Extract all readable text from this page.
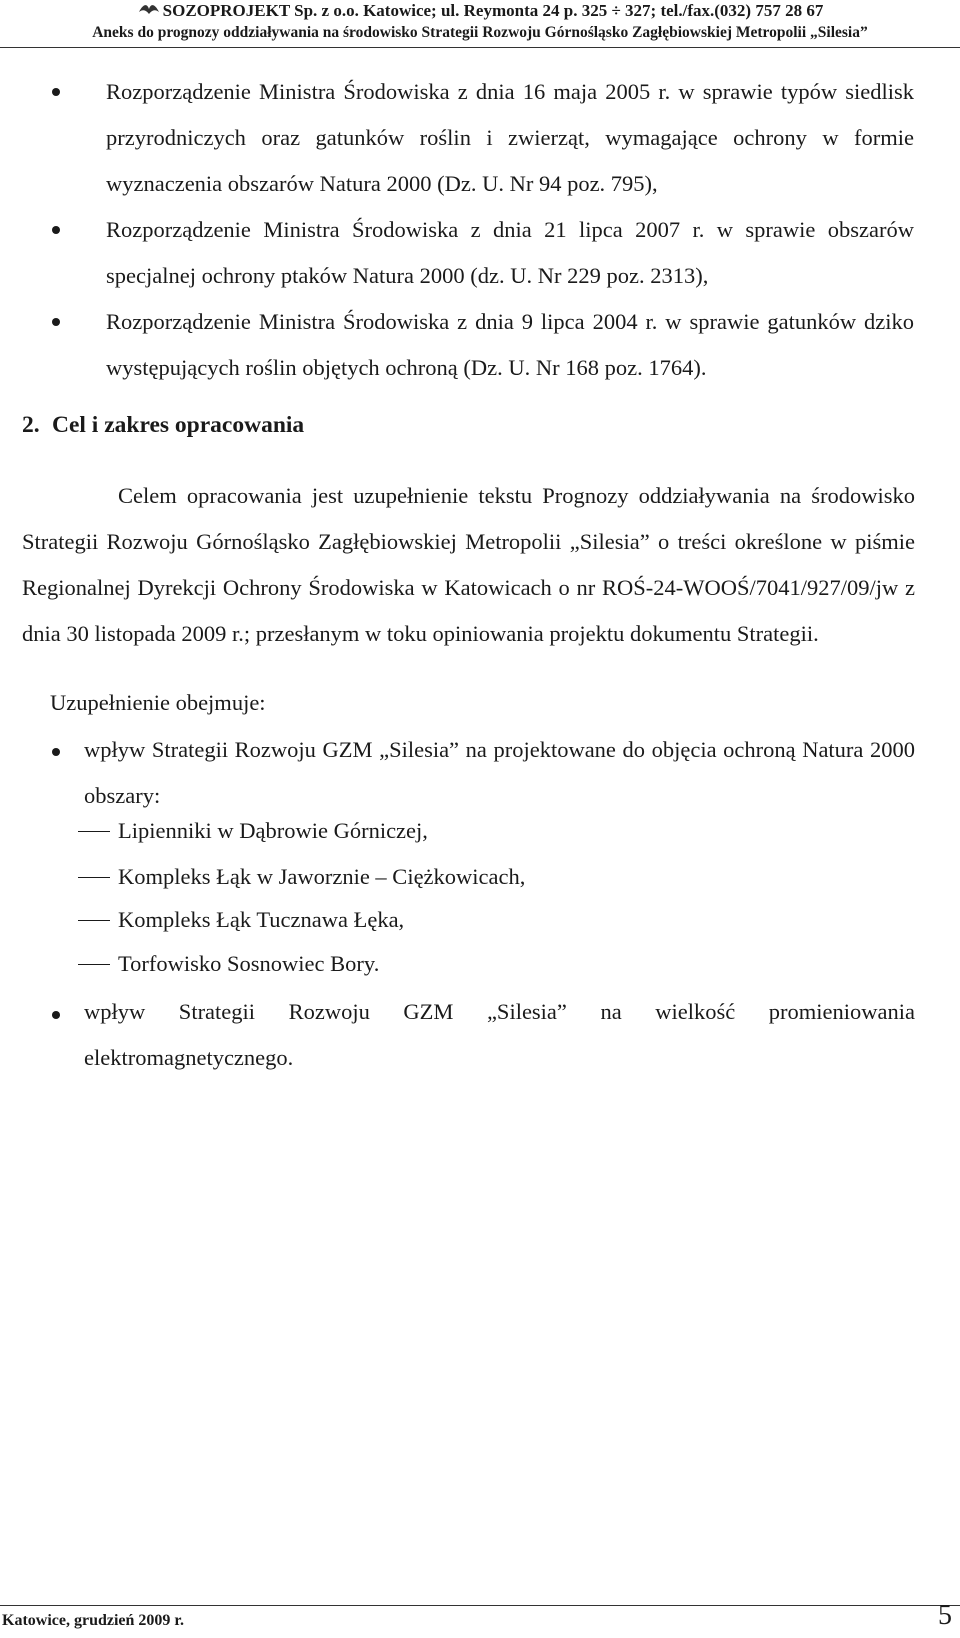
SOZOPROJEKT Sp. z o.o. Katowice; ul. Reymonta 24 p. 325 ÷ 327; tel./fax.(032) 757 28 67
Aneks do prognozy oddziaływania na środowisko Strategii Rozwoju Górnośląsko Zagłębiowskiej Metropolii „Silesia”
Rozporządzenie Ministra Środowiska z dnia 16 maja 2005 r. w sprawie typów siedlisk przyrodniczych oraz gatunków roślin i zwierząt, wymagające ochrony w formie wyznaczenia obszarów Natura 2000 (Dz. U. Nr 94 poz. 795),
Rozporządzenie Ministra Środowiska z dnia 21 lipca 2007 r. w sprawie obszarów specjalnej ochrony ptaków Natura 2000 (dz. U. Nr 229 poz. 2313),
Rozporządzenie Ministra Środowiska z dnia 9 lipca 2004 r. w sprawie gatunków dziko występujących roślin objętych ochroną (Dz. U. Nr 168 poz. 1764).
2. Cel i zakres opracowania
Celem opracowania jest uzupełnienie tekstu Prognozy oddziaływania na środowisko Strategii Rozwoju Górnośląsko Zagłębiowskiej Metropolii „Silesia” o treści określone w piśmie Regionalnej Dyrekcji Ochrony Środowiska w Katowicach o nr ROŚ-24-WOOŚ/7041/927/09/jw z dnia 30 listopada 2009 r.; przesłanym w toku opiniowania projektu dokumentu Strategii.
Uzupełnienie obejmuje:
wpływ Strategii Rozwoju GZM „Silesia” na projektowane do objęcia ochroną Natura 2000 obszary:
Lipienniki w Dąbrowie Górniczej,
Kompleks Łąk w Jaworznie – Ciężkowicach,
Kompleks Łąk Tucznawa Łęka,
Torfowisko Sosnowiec Bory.
wpływ Strategii Rozwoju GZM „Silesia” na wielkość promieniowania elektromagnetycznego.
Katowice, grudzień 2009 r.	5
